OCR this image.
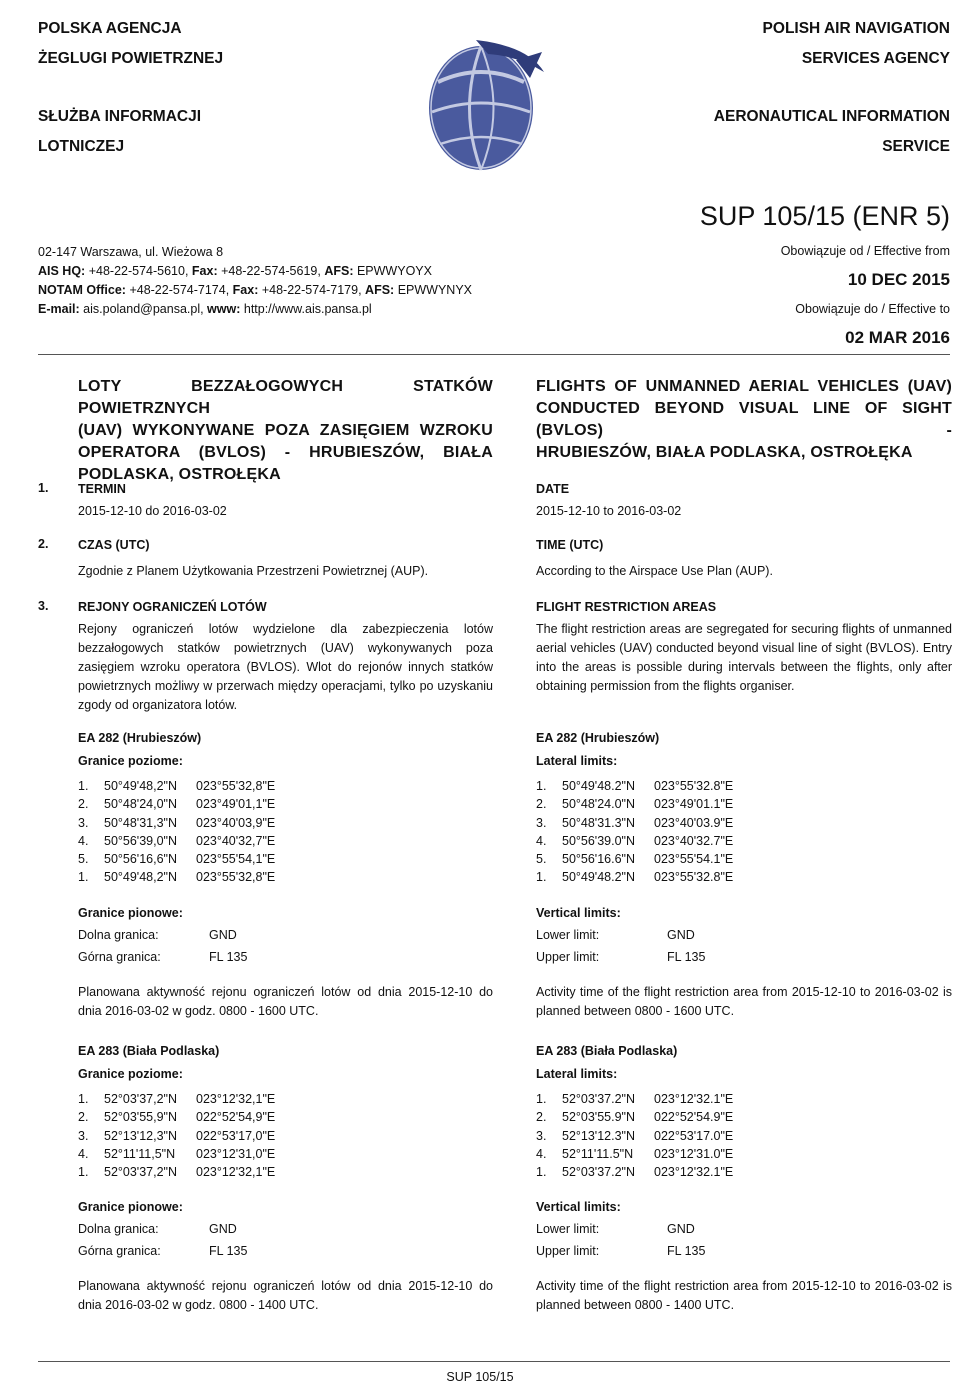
POLSKA AGENCJA
ŻEGLUGI POWIETRZNEJ
SŁUŻBA INFORMACJI
LOTNICZEJ
POLISH AIR NAVIGATION
SERVICES AGENCY
AERONAUTICAL INFORMATION
SERVICE
02-147 Warszawa, ul. Wieżowa 8
AIS HQ: +48-22-574-5610, Fax: +48-22-574-5619, AFS: EPWWYOYX
NOTAM Office: +48-22-574-7174, Fax: +48-22-574-7179, AFS: EPWWYNYX
E-mail: ais.poland@pansa.pl, www: http://www.ais.pansa.pl
SUP 105/15 (ENR 5)
Obowiązuje od / Effective from
10 DEC 2015
Obowiązuje do / Effective to
02 MAR 2016
LOTY BEZZAŁOGOWYCH STATKÓW POWIETRZNYCH
(UAV) WYKONYWANE POZA ZASIĘGIEM WZROKU
OPERATORA (BVLOS) - HRUBIESZÓW, BIAŁA
PODLASKA, OSTROŁĘKA
FLIGHTS OF UNMANNED AERIAL VEHICLES (UAV)
CONDUCTED BEYOND VISUAL LINE OF SIGHT (BVLOS) -
HRUBIESZÓW, BIAŁA PODLASKA, OSTROŁĘKA
1. TERMIN
2015-12-10 do 2016-03-02
DATE
2015-12-10 to 2016-03-02
2. CZAS (UTC)
Zgodnie z Planem Użytkowania Przestrzeni Powietrznej (AUP).
TIME (UTC)
According to the Airspace Use Plan (AUP).
3. REJONY OGRANICZEŃ LOTÓW
Rejony ograniczeń lotów wydzielone dla zabezpieczenia lotów bezzałogowych statków powietrznych (UAV) wykonywanych poza zasięgiem wzroku operatora (BVLOS). Wlot do rejonów innych statków powietrznych możliwy w przerwach między operacjami, tylko po uzyskaniu zgody od organizatora lotów.
FLIGHT RESTRICTION AREAS
The flight restriction areas are segregated for securing flights of unmanned aerial vehicles (UAV) conducted beyond visual line of sight (BVLOS). Entry into the areas is possible during intervals between the flights, only after obtaining permission from the flights organiser.
EA 282 (Hrubieszów)
Granice poziome:
1.	50°49'48,2"N	023°55'32,8"E
2.	50°48'24,0"N	023°49'01,1"E
3.	50°48'31,3"N	023°40'03,9"E
4.	50°56'39,0"N	023°40'32,7"E
5.	50°56'16,6"N	023°55'54,1"E
1.	50°49'48,2"N	023°55'32,8"E
Granice pionowe:
Dolna granica:	GND
Górna granica:	FL 135
Planowana aktywność rejonu ograniczeń lotów od dnia 2015-12-10 do dnia 2016-03-02 w godz. 0800 - 1600 UTC.
EA 282 (Hrubieszów)
Lateral limits:
1.	50°49'48.2"N	023°55'32.8"E
2.	50°48'24.0"N	023°49'01.1"E
3.	50°48'31.3"N	023°40'03.9"E
4.	50°56'39.0"N	023°40'32.7"E
5.	50°56'16.6"N	023°55'54.1"E
1.	50°49'48.2"N	023°55'32.8"E
Vertical limits:
Lower limit:	GND
Upper limit:	FL 135
Activity time of the flight restriction area from 2015-12-10 to 2016-03-02 is planned between 0800 - 1600 UTC.
EA 283 (Biała Podlaska)
Granice poziome:
1.	52°03'37,2"N	023°12'32,1"E
2.	52°03'55,9"N	022°52'54,9"E
3.	52°13'12,3"N	022°53'17,0"E
4.	52°11'11,5"N	023°12'31,0"E
1.	52°03'37,2"N	023°12'32,1"E
Granice pionowe:
Dolna granica:	GND
Górna granica:	FL 135
Planowana aktywność rejonu ograniczeń lotów od dnia 2015-12-10 do dnia 2016-03-02 w godz. 0800 - 1400 UTC.
EA 283 (Biała Podlaska)
Lateral limits:
1.	52°03'37.2"N	023°12'32.1"E
2.	52°03'55.9"N	022°52'54.9"E
3.	52°13'12.3"N	022°53'17.0"E
4.	52°11'11.5"N	023°12'31.0"E
1.	52°03'37.2"N	023°12'32.1"E
Vertical limits:
Lower limit:	GND
Upper limit:	FL 135
Activity time of the flight restriction area from 2015-12-10 to 2016-03-02 is planned between 0800 - 1400 UTC.
SUP 105/15
